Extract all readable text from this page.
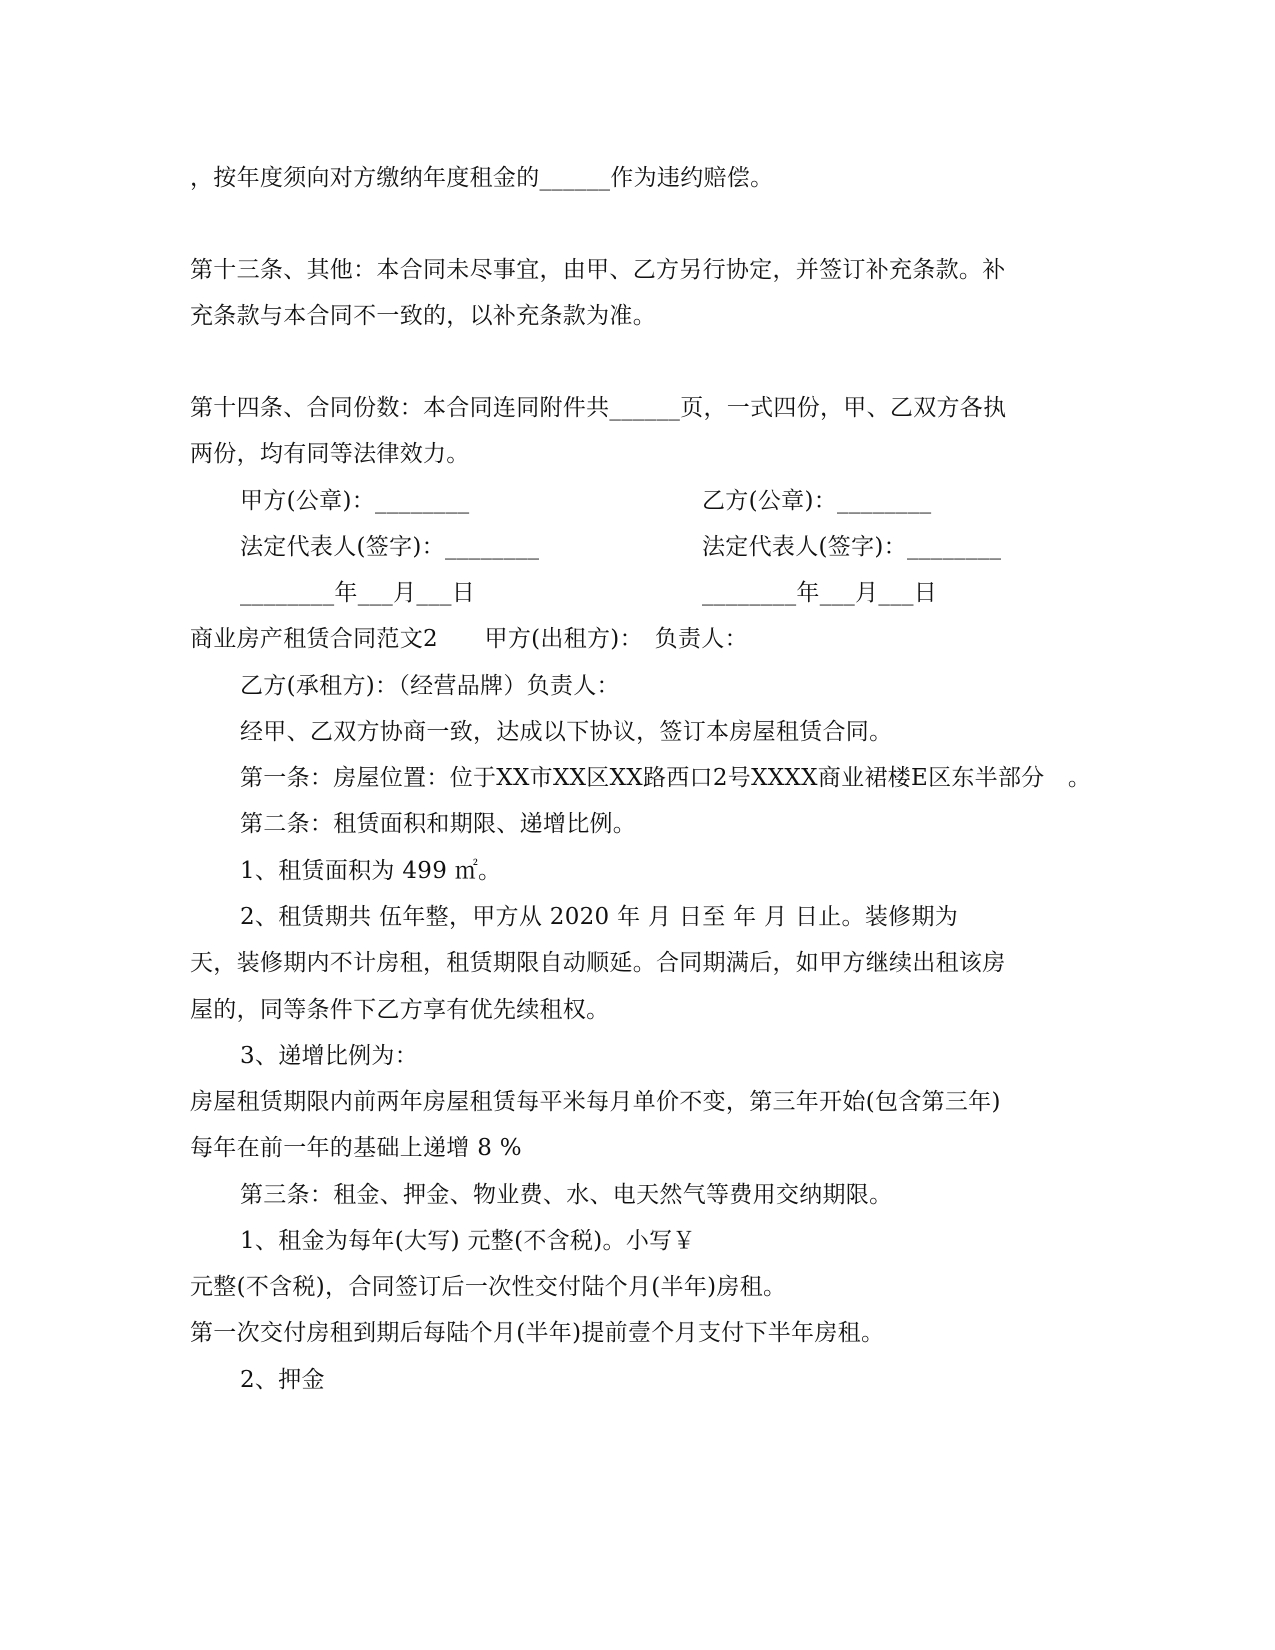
，按年度须向对方缴纳年度租金的______作为违约赔偿。
第十三条、其他：本合同未尽事宜，由甲、乙方另行协定，并签订补充条款。补
充条款与本合同不一致的，以补充条款为准。
第十四条、合同份数：本合同连同附件共______页，一式四份，甲、乙双方各执
两份，均有同等法律效力。
甲方(公章)：________	乙方(公章)：________
法定代表人(签字)：________	法定代表人(签字)：________
________年___月___日	________年___月___日
商业房产租赁合同范文2　　甲方(出租方)：　负责人：
乙方(承租方)：（经营品牌）负责人：
经甲、乙双方协商一致，达成以下协议，签订本房屋租赁合同。
第一条：房屋位置：位于XX市XX区XX路西口2号XXXX商业裙楼E区东半部分　。
第二条：租赁面积和期限、递增比例。
1、租赁面积为 499 ㎡。
2、租赁期共 伍年整，甲方从 2020 年 月 日至 年 月 日止。装修期为
天，装修期内不计房租，租赁期限自动顺延。合同期满后，如甲方继续出租该房
屋的，同等条件下乙方享有优先续租权。
3、递增比例为：
房屋租赁期限内前两年房屋租赁每平米每月单价不变，第三年开始(包含第三年)
每年在前一年的基础上递增 8 %
第三条：租金、押金、物业费、水、电天然气等费用交纳期限。
1、租金为每年(大写) 元整(不含税)。小写￥
元整(不含税)，合同签订后一次性交付陆个月(半年)房租。
第一次交付房租到期后每陆个月(半年)提前壹个月支付下半年房租。
2、押金
